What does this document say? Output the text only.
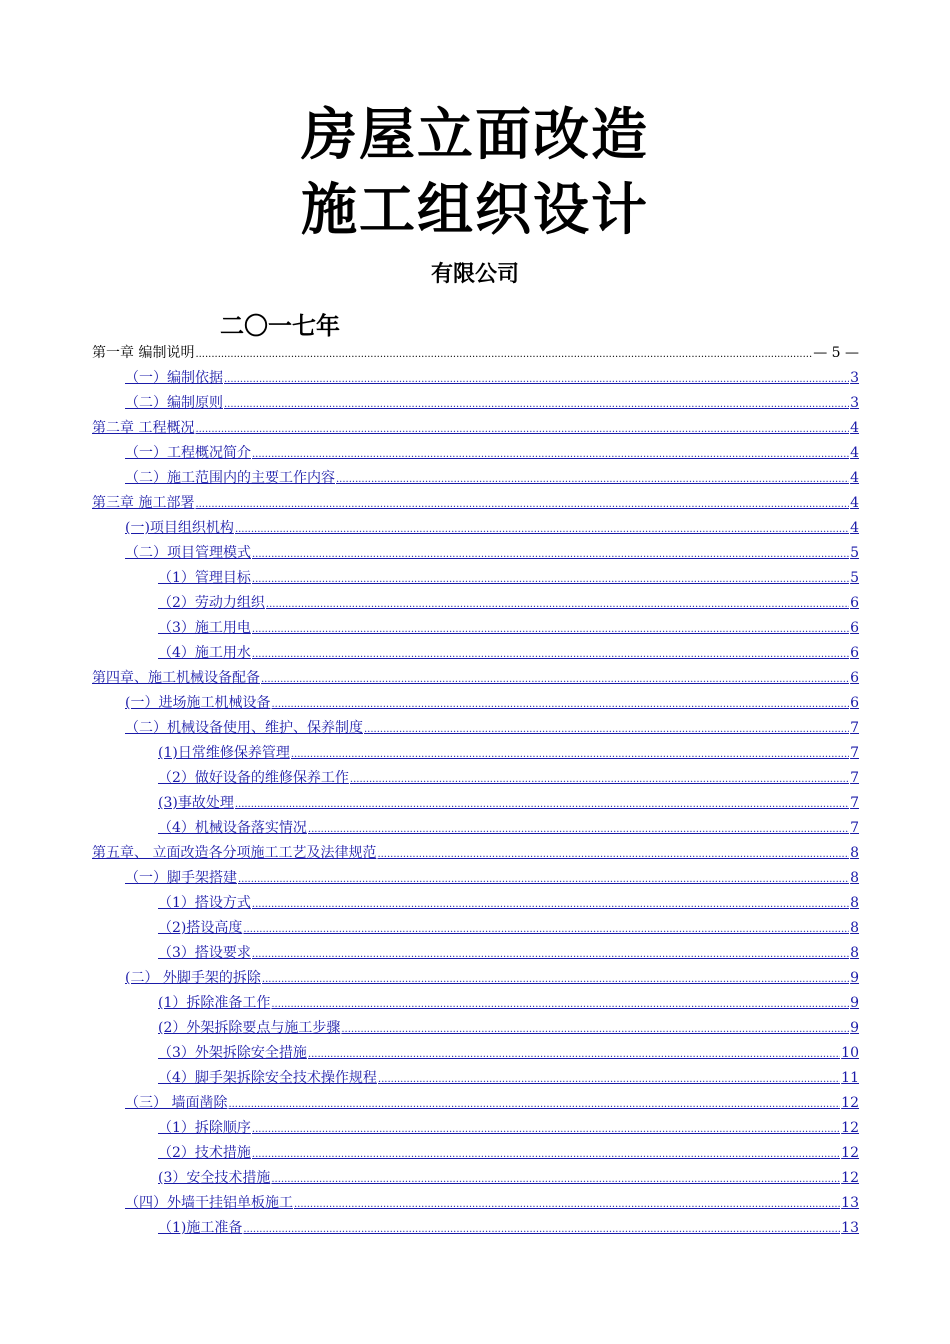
房屋立面改造
施工组织设计
有限公司
二〇一七年
第一章 编制说明 .....	— 5 —
（一）编制依据 .....	3
（二）编制原则 .....	3
第二章 工程概况 .....	4
（一）工程概况简介 .....	4
（二）施工范围内的主要工作内容 .....	4
第三章 施工部署 .....	4
(一)项目组织机构 .....	4
（二）项目管理模式 .....	5
（1）管理目标 .....	5
（2）劳动力组织 .....	6
（3）施工用电 .....	6
（4）施工用水 .....	6
第四章、施工机械设备配备 .....	6
(一）进场施工机械设备 .....	6
（二）机械设备使用、维护、保养制度 .....	7
(1)日常维修保养管理 .....	7
（2）做好设备的维修保养工作 .....	7
(3)事故处理 .....	7
（4）机械设备落实情况 .....	7
第五章、 立面改造各分项施工工艺及法律规范 .....	8
（一）脚手架搭建 .....	8
（1）搭设方式 .....	8
（2)搭设高度 .....	8
（3）搭设要求 .....	8
(二） 外脚手架的拆除 .....	9
(1）拆除准备工作 .....	9
(2）外架拆除要点与施工步骤 .....	9
（3）外架拆除安全措施 .....	10
（4）脚手架拆除安全技术操作规程 .....	11
（三） 墙面凿除 .....	12
（1）拆除顺序 .....	12
（2）技术措施 .....	12
(3）安全技术措施 .....	12
（四）外墙干挂铝单板施工 .....	13
（1)施工准备 .....	13
